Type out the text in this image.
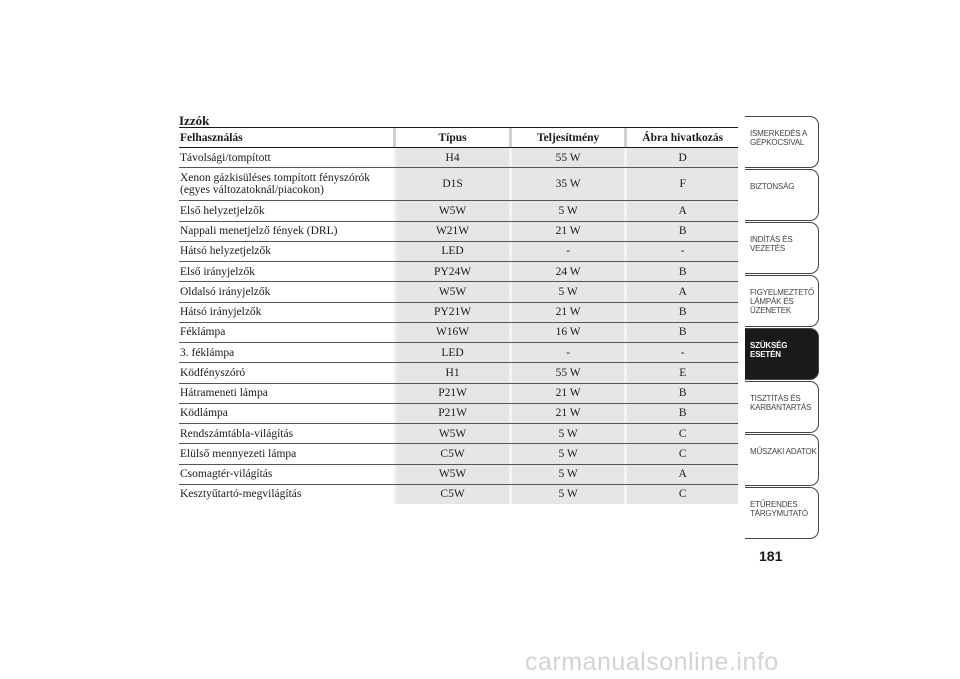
Izzók
Felhasználás	Típus	Teljesítmény	Ábra hivatkozás
Távolsági/tompított	H4	55 W	D
Xenon gázkisüléses tompított fényszórók
(egyes változatoknál/piacokon)	D1S	35 W	F
Első helyzetjelzők	W5W	5 W	A
Nappali menetjelző fények (DRL)	W21W	21 W	B
Hátsó helyzetjelzők	LED	-	-
Első irányjelzők	PY24W	24 W	B
Oldalsó irányjelzők	W5W	5 W	A
Hátsó irányjelzők	PY21W	21 W	B
Féklámpa	W16W	16 W	B
3. féklámpa	LED	-	-
Ködfényszóró	H1	55 W	E
Hátrameneti lámpa	P21W	21 W	B
Ködlámpa	P21W	21 W	B
Rendszámtábla-világítás	W5W	5 W	C
Elülső mennyezeti lámpa	C5W	5 W	C
Csomagtér-világítás	W5W	5 W	A
Kesztyűtartó-megvilágítás	C5W	5 W	C
ISMERKEDÉS A
GÉPKOCSIVAL
BIZTONSÁG
INDÍTÁS ÉS
VEZETÉS
FIGYELMEZTETŐ
LÁMPÁK ÉS
ÜZENETEK
SZÜKSÉG ESETÉN
TISZTÍTÁS ÉS
KARBANTARTÁS
MŰSZAKI ADATOK
ETŰRENDES
TÁRGYMUTATÓ
181
carmanualsonline.info
